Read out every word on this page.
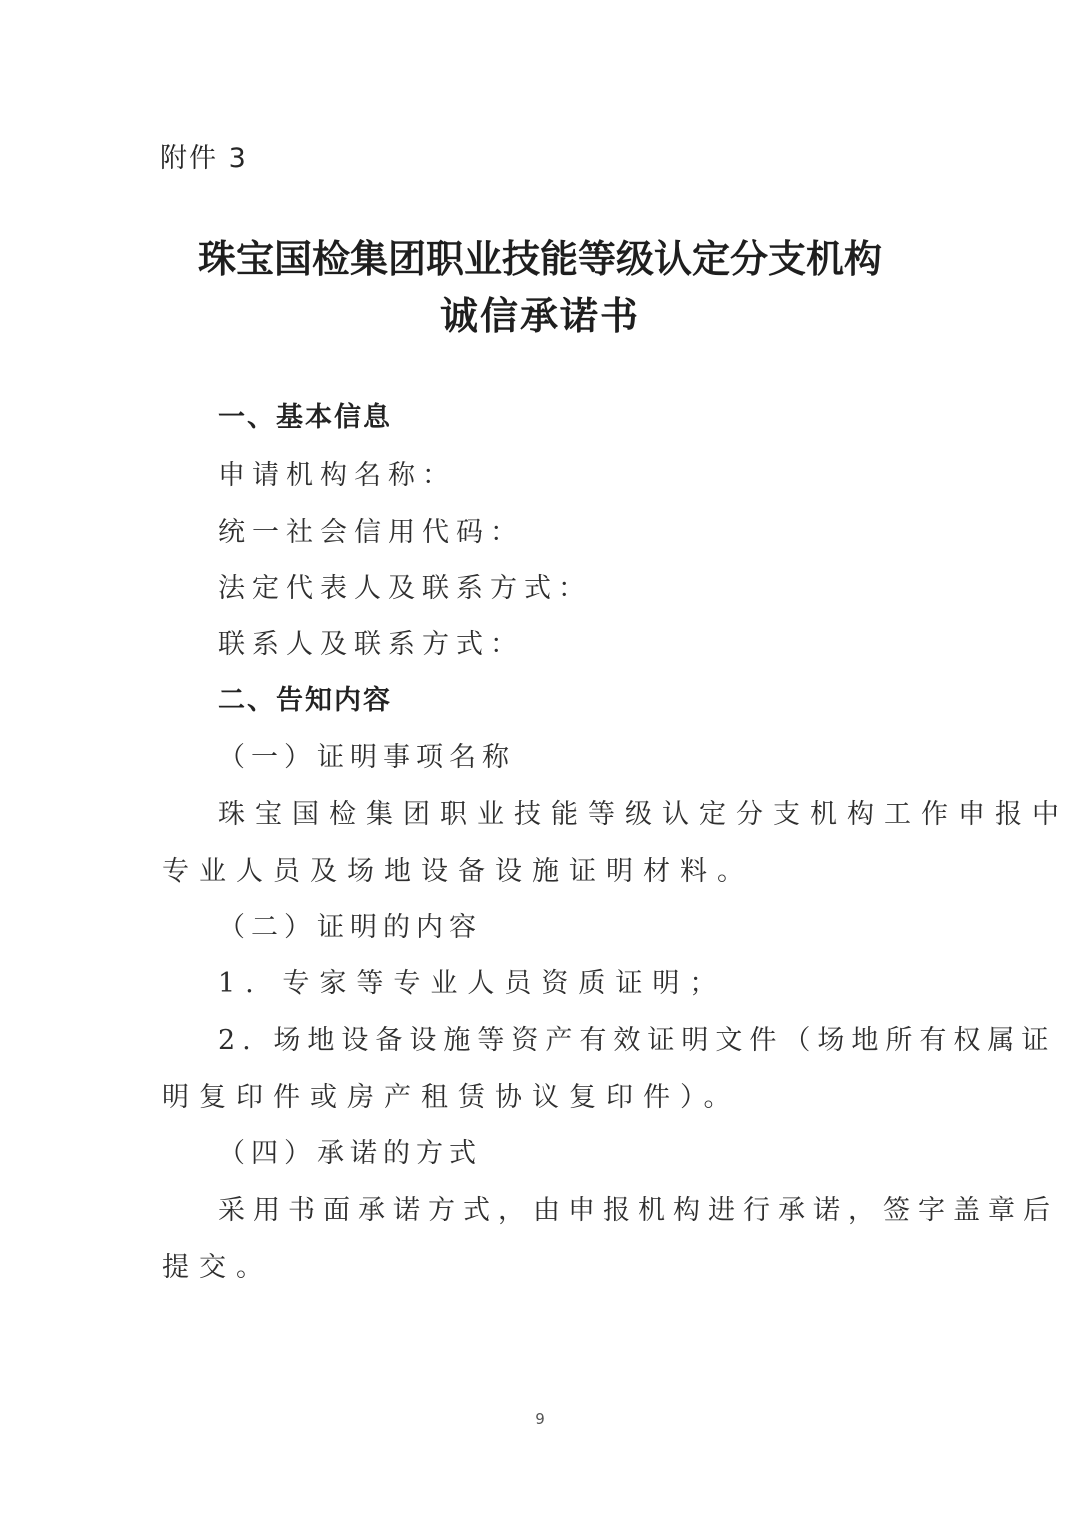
附件 3
珠宝国检集团职业技能等级认定分支机构
诚信承诺书
一、基本信息
申请机构名称：
统一社会信用代码：
法定代表人及联系方式：
联系人及联系方式：
二、告知内容
（一）证明事项名称
珠宝国检集团职业技能等级认定分支机构工作申报中
专业人员及场地设备设施证明材料。
（二）证明的内容
1. 专家等专业人员资质证明；
2. 场地设备设施等资产有效证明文件（场地所有权属证
明复印件或房产租赁协议复印件）。
（四）承诺的方式
采用书面承诺方式，由申报机构进行承诺，签字盖章后
提交。
9
